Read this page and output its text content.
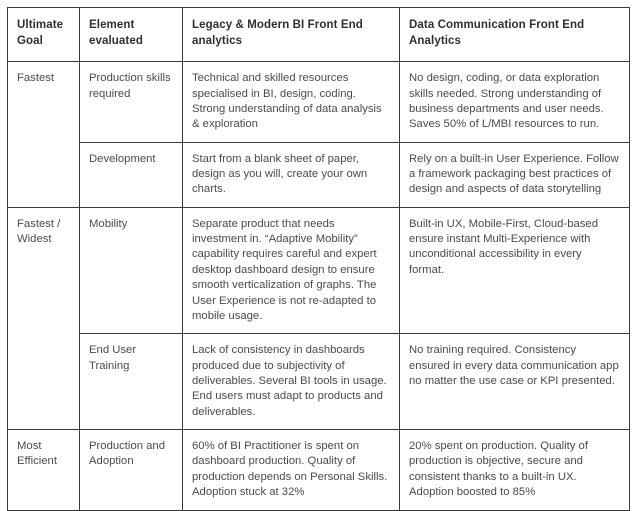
Ultimate Goal	Element evaluated	Legacy & Modern BI Front End analytics	Data Communication Front End Analytics
Fastest	Production skills required	Technical and skilled resources specialised in BI, design, coding. Strong understanding of data analysis & exploration	No design, coding, or data exploration skills needed. Strong understanding of business departments and user needs. Saves 50% of L/MBI resources to run.
	Development	Start from a blank sheet of paper, design as you will, create your own charts.	Rely on a built-in User Experience. Follow a framework packaging best practices of design and aspects of data storytelling
Fastest / Widest	Mobility	Separate product that needs investment in. “Adaptive Mobility” capability requires careful and expert desktop dashboard design to ensure smooth verticalization of graphs. The User Experience is not re-adapted to mobile usage.	Built-in UX, Mobile-First, Cloud-based ensure instant Multi-Experience with unconditional accessibility in every format.
	End User Training	Lack of consistency in dashboards produced due to subjectivity of deliverables. Several BI tools in usage. End users must adapt to products and deliverables.	No training required. Consistency ensured in every data communication app no matter the use case or KPI presented.
Most Efficient	Production and Adoption	60% of BI Practitioner is spent on dashboard production. Quality of production depends on Personal Skills. Adoption stuck at 32%	20% spent on production. Quality of production is objective, secure and consistent thanks to a built-in UX. Adoption boosted to 85%
